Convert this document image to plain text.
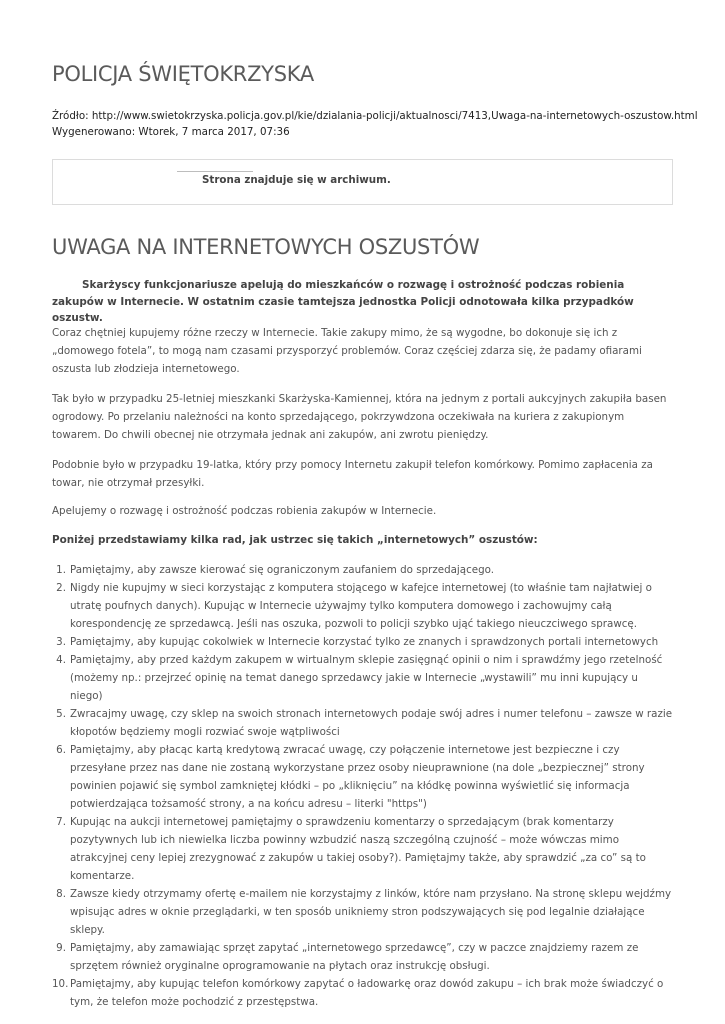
POLICJA ŚWIĘTOKRZYSKA
Źródło: http://www.swietokrzyska.policja.gov.pl/kie/dzialania-policji/aktualnosci/7413,Uwaga-na-internetowych-oszustow.html
Wygenerowano: Wtorek, 7 marca 2017, 07:36
Strona znajduje się w archiwum.
UWAGA NA INTERNETOWYCH OSZUSTÓW

Skarżyscy funkcjonariusze apelują do mieszkańców o rozwagę i ostrożność podczas robienia zakupów w Internecie. W ostatnim czasie tamtejsza jednostka Policji odnotowała kilka przypadków oszustw.

Coraz chętniej kupujemy różne rzeczy w Internecie. Takie zakupy mimo, że są wygodne, bo dokonuje się ich z „domowego fotela”, to mogą nam czasami przysporzyć problemów. Coraz częściej zdarza się, że padamy ofiarami oszusta lub złodzieja internetowego.

Tak było w przypadku 25-letniej mieszkanki Skarżyska-Kamiennej, która na jednym z portali aukcyjnych zakupiła basen ogrodowy. Po przelaniu należności na konto sprzedającego, pokrzywdzona oczekiwała na kuriera z zakupionym towarem. Do chwili obecnej nie otrzymała jednak ani zakupów, ani zwrotu pieniędzy.

Podobnie było w przypadku 19-latka, który przy pomocy Internetu zakupił telefon komórkowy. Pomimo zapłacenia za towar, nie otrzymał przesyłki.

Apelujemy o rozwagę i ostrożność podczas robienia zakupów w Internecie.

Poniżej przedstawiamy kilka rad, jak ustrzec się takich „internetowych” oszustów:

1. Pamiętajmy, aby zawsze kierować się ograniczonym zaufaniem do sprzedającego.
2. Nigdy nie kupujmy w sieci korzystając z komputera stojącego w kafejce internetowej (to właśnie tam najłatwiej o utratę poufnych danych). Kupując w Internecie używajmy tylko komputera domowego i zachowujmy całą korespondencję ze sprzedawcą. Jeśli nas oszuka, pozwoli to policji szybko ująć takiego nieuczciwego sprawcę.
3. Pamiętajmy, aby kupując cokolwiek w Internecie korzystać tylko ze znanych i sprawdzonych portali internetowych
4. Pamiętajmy, aby przed każdym zakupem w wirtualnym sklepie zasięgnąć opinii o nim i sprawdźmy jego rzetelność (możemy np.: przejrzeć opinię na temat danego sprzedawcy jakie w Internecie „wystawili” mu inni kupujący u niego)
5. Zwracajmy uwagę, czy sklep na swoich stronach internetowych podaje swój adres i numer telefonu – zawsze w razie kłopotów będziemy mogli rozwiać swoje wątpliwości
6. Pamiętajmy, aby płacąc kartą kredytową zwracać uwagę, czy połączenie internetowe jest bezpieczne i czy przesyłane przez nas dane nie zostaną wykorzystane przez osoby nieuprawnione (na dole „bezpiecznej” strony powinien pojawić się symbol zamkniętej kłódki – po „kliknięciu” na kłódkę powinna wyświetlić się informacja potwierdzająca tożsamość strony, a na końcu adresu – literki "https")
7. Kupując na aukcji internetowej pamiętajmy o sprawdzeniu komentarzy o sprzedającym (brak komentarzy pozytywnych lub ich niewielka liczba powinny wzbudzić naszą szczególną czujność – może wówczas mimo atrakcyjnej ceny lepiej zrezygnować z zakupów u takiej osoby?). Pamiętajmy także, aby sprawdzić „za co” są to komentarze.
8. Zawsze kiedy otrzymamy ofertę e-mailem nie korzystajmy z linków, które nam przysłano. Na stronę sklepu wejdźmy wpisując adres w oknie przeglądarki, w ten sposób unikniemy stron podszywających się pod legalnie działające sklepy.
9. Pamiętajmy, aby zamawiając sprzęt zapytać „internetowego sprzedawcę”, czy w paczce znajdziemy razem ze sprzętem również oryginalne oprogramowanie na płytach oraz instrukcję obsługi.
10. Pamiętajmy, aby kupując telefon komórkowy zapytać o ładowarkę oraz dowód zakupu – ich brak może świadczyć o tym, że telefon może pochodzić z przestępstwa.
